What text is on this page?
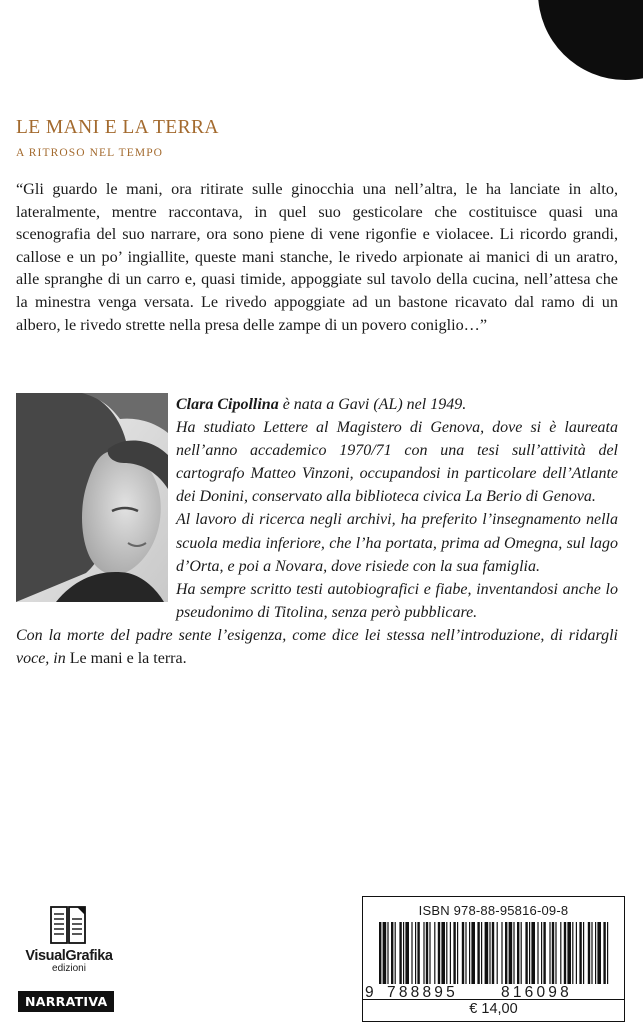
LE MANI E LA TERRA
A RITROSO NEL TEMPO

“Gli guardo le mani, ora ritirate sulle ginocchia una nell’altra, le ha lanciate in alto, lateralmente, mentre raccontava, in quel suo gesticolare che costituisce quasi una scenografia del suo narrare, ora sono piene di vene rigonfie e violacee. Li ricordo grandi, callose e un po’ ingiallite, queste mani stanche, le rivedo arpionate ai manici di un aratro, alle spranghe di un carro e, quasi timide, appoggiate sul tavolo della cucina, nell’attesa che la minestra venga versata. Le rivedo appoggiate ad un bastone ricavato dal ramo di un albero, le rivedo strette nella presa delle zampe di un povero coniglio…”

Clara Cipollina è nata a Gavi (AL) nel 1949.
Ha studiato Lettere al Magistero di Genova, dove si è laureata nell’anno accademico 1970/71 con una tesi sull’attività del cartografo Matteo Vinzoni, occupandosi in particolare dell’Atlante dei Donini, conservato alla biblioteca civica La Berio di Genova.
Al lavoro di ricerca negli archivi, ha preferito l’insegnamento nella scuola media inferiore, che l’ha portata, prima ad Omegna, sul lago d’Orta, e poi a Novara, dove risiede con la sua famiglia.
Ha sempre scritto testi autobiografici e fiabe, inventandosi anche lo pseudonimo di Titolina, senza però pubblicare.
Con la morte del padre sente l’esigenza, come dice lei stessa nell’introduzione, di ridargli voce, in Le mani e la terra.

VisualGrafika
edizioni
NARRATIVA
ISBN 978-88-95816-09-8
9 788895	816098
€ 14,00
